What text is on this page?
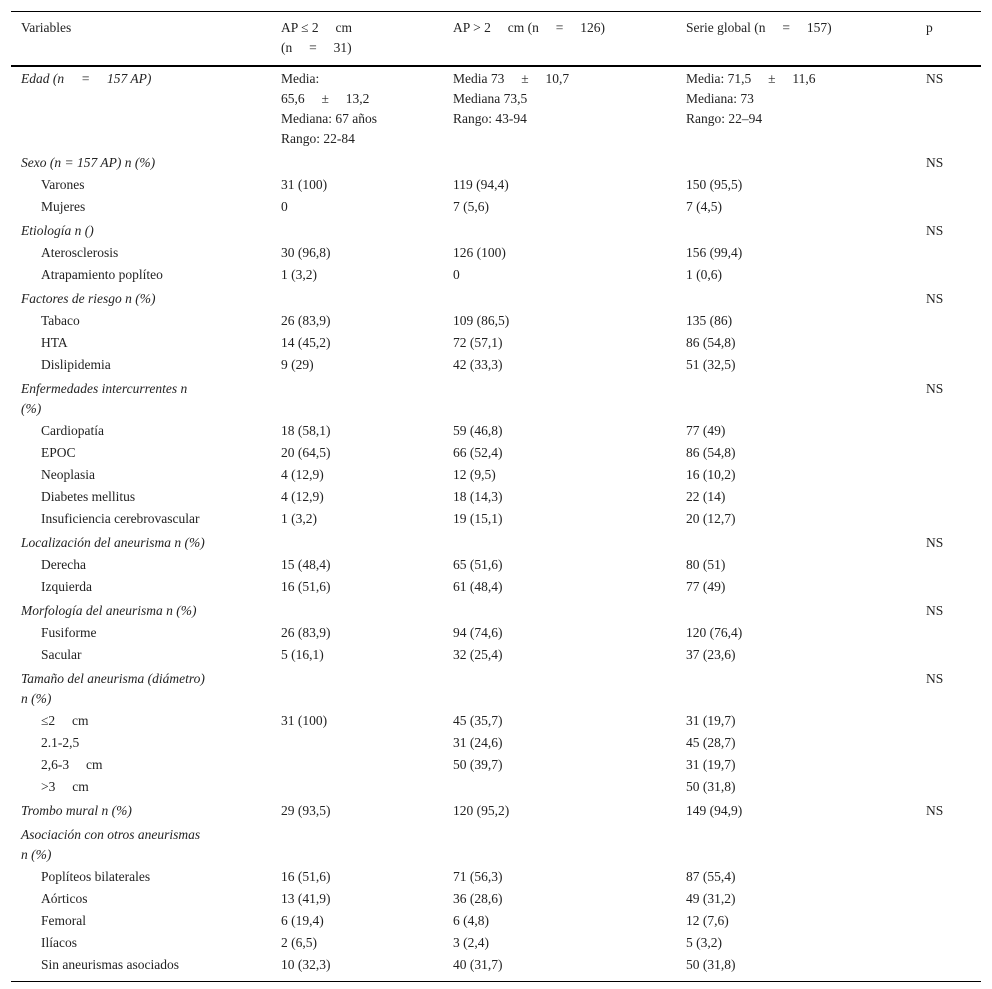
Variables	AP ≤ 2  cm
(n  =  31)	AP > 2  cm (n  =  126)	Serie global (n  =  157)	p
Edad (n  =  157 AP)	Media:
65,6  ±  13,2
Mediana: 67 años
Rango: 22-84	Media 73  ±  10,7
Mediana 73,5
Rango: 43-94	Media: 71,5  ±  11,6
Mediana: 73
Rango: 22–94	NS
Sexo (n = 157 AP) n (%)				NS
Varones	31 (100)	119 (94,4)	150 (95,5)	
Mujeres	0	7 (5,6)	7 (4,5)	
Etiología n ()				NS
Aterosclerosis	30 (96,8)	126 (100)	156 (99,4)	
Atrapamiento poplíteo	1 (3,2)	0	1 (0,6)	
Factores de riesgo n (%)				NS
Tabaco	26 (83,9)	109 (86,5)	135 (86)	
HTA	14 (45,2)	72 (57,1)	86 (54,8)	
Dislipidemia	9 (29)	42 (33,3)	51 (32,5)	
Enfermedades intercurrentes n
(%)				NS
Cardiopatía	18 (58,1)	59 (46,8)	77 (49)	
EPOC	20 (64,5)	66 (52,4)	86 (54,8)	
Neoplasia	4 (12,9)	12 (9,5)	16 (10,2)	
Diabetes mellitus	4 (12,9)	18 (14,3)	22 (14)	
Insuficiencia cerebrovascular	1 (3,2)	19 (15,1)	20 (12,7)	
Localización del aneurisma n (%)				NS
Derecha	15 (48,4)	65 (51,6)	80 (51)	
Izquierda	16 (51,6)	61 (48,4)	77 (49)	
Morfología del aneurisma n (%)				NS
Fusiforme	26 (83,9)	94 (74,6)	120 (76,4)	
Sacular	5 (16,1)	32 (25,4)	37 (23,6)	
Tamaño del aneurisma (diámetro)
n (%)				NS
≤2  cm	31 (100)	45 (35,7)	31 (19,7)	
2.1-2,5		31 (24,6)	45 (28,7)	
2,6-3  cm		50 (39,7)	31 (19,7)	
>3  cm			50 (31,8)	
Trombo mural n (%)	29 (93,5)	120 (95,2)	149 (94,9)	NS
Asociación con otros aneurismas
n (%)				
Poplíteos bilaterales	16 (51,6)	71 (56,3)	87 (55,4)	
Aórticos	13 (41,9)	36 (28,6)	49 (31,2)	
Femoral	6 (19,4)	6 (4,8)	12 (7,6)	
Ilíacos	2 (6,5)	3 (2,4)	5 (3,2)	
Sin aneurismas asociados	10 (32,3)	40 (31,7)	50 (31,8)	
